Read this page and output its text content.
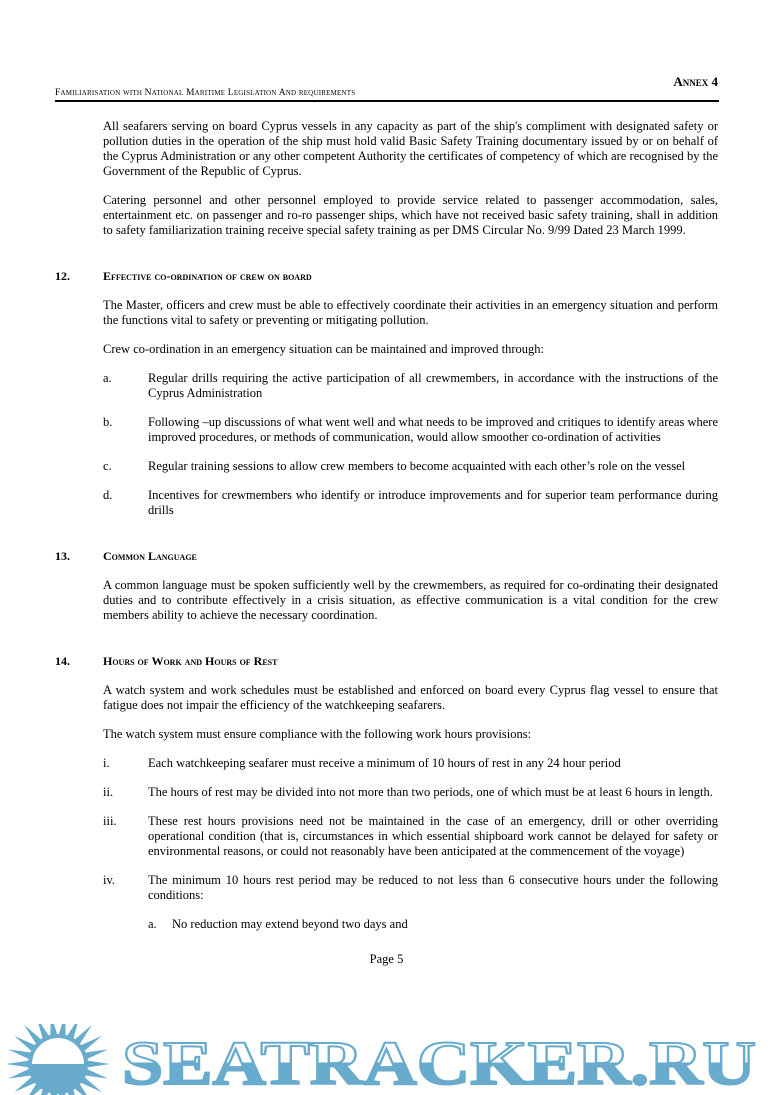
Annex 4
Familiarisation with National Maritime Legislation And requirements
SEATRACKER.RU
All seafarers serving on board Cyprus vessels in any capacity as part of the ship's compliment with designated safety or pollution duties in the operation of the ship must hold valid Basic Safety Training documentary issued by or on behalf of the Cyprus Administration or any other competent Authority the certificates of competency of which are recognised by the Government of the Republic of Cyprus.
Catering personnel and other personnel employed to provide service related to passenger accommodation, sales, entertainment etc. on passenger and ro-ro passenger ships, which have not received basic safety training, shall in addition to safety familiarization training receive special safety training as per DMS Circular No. 9/99 Dated 23 March 1999.
12.	Effective co-ordination of crew on board
The Master, officers and crew must be able to effectively coordinate their activities in an emergency situation and perform the functions vital to safety or preventing or mitigating pollution.
Crew co-ordination in an emergency situation can be maintained and improved through:
a.	Regular drills requiring the active participation of all crewmembers, in accordance with the instructions of the Cyprus Administration
b.	Following –up discussions of what went well and what needs to be improved and critiques to identify areas where improved procedures, or methods of communication, would allow smoother co-ordination of activities
c.	Regular training sessions to allow crew members to become acquainted with each other’s role on the vessel
d.	Incentives for crewmembers who identify or introduce improvements and for superior team performance during drills
13.	Common Language
A common language must be spoken sufficiently well by the crewmembers, as required for co-ordinating their designated duties and to contribute effectively in a crisis situation, as effective communication is a vital condition for the crew members ability to achieve the necessary coordination.
14.	Hours of Work and Hours of Rest
A watch system and work schedules must be established and enforced on board every Cyprus flag vessel to ensure that fatigue does not impair the efficiency of the watchkeeping seafarers.
The watch system must ensure compliance with the following work hours provisions:
i.	Each watchkeeping seafarer must receive a minimum of 10 hours of rest in any 24 hour period
ii.	The hours of rest may be divided into not more than two periods, one of which must be at least 6 hours in length.
iii.	These rest hours provisions need not be maintained in the case of an emergency, drill or other overriding operational condition (that is, circumstances in which essential shipboard work cannot be delayed for safety or environmental reasons, or could not reasonably have been anticipated at the commencement of the voyage)
iv.	The minimum 10 hours rest period may be reduced to not less than 6 consecutive hours under the following conditions:
a.	No reduction may extend beyond two days and
Page 5
